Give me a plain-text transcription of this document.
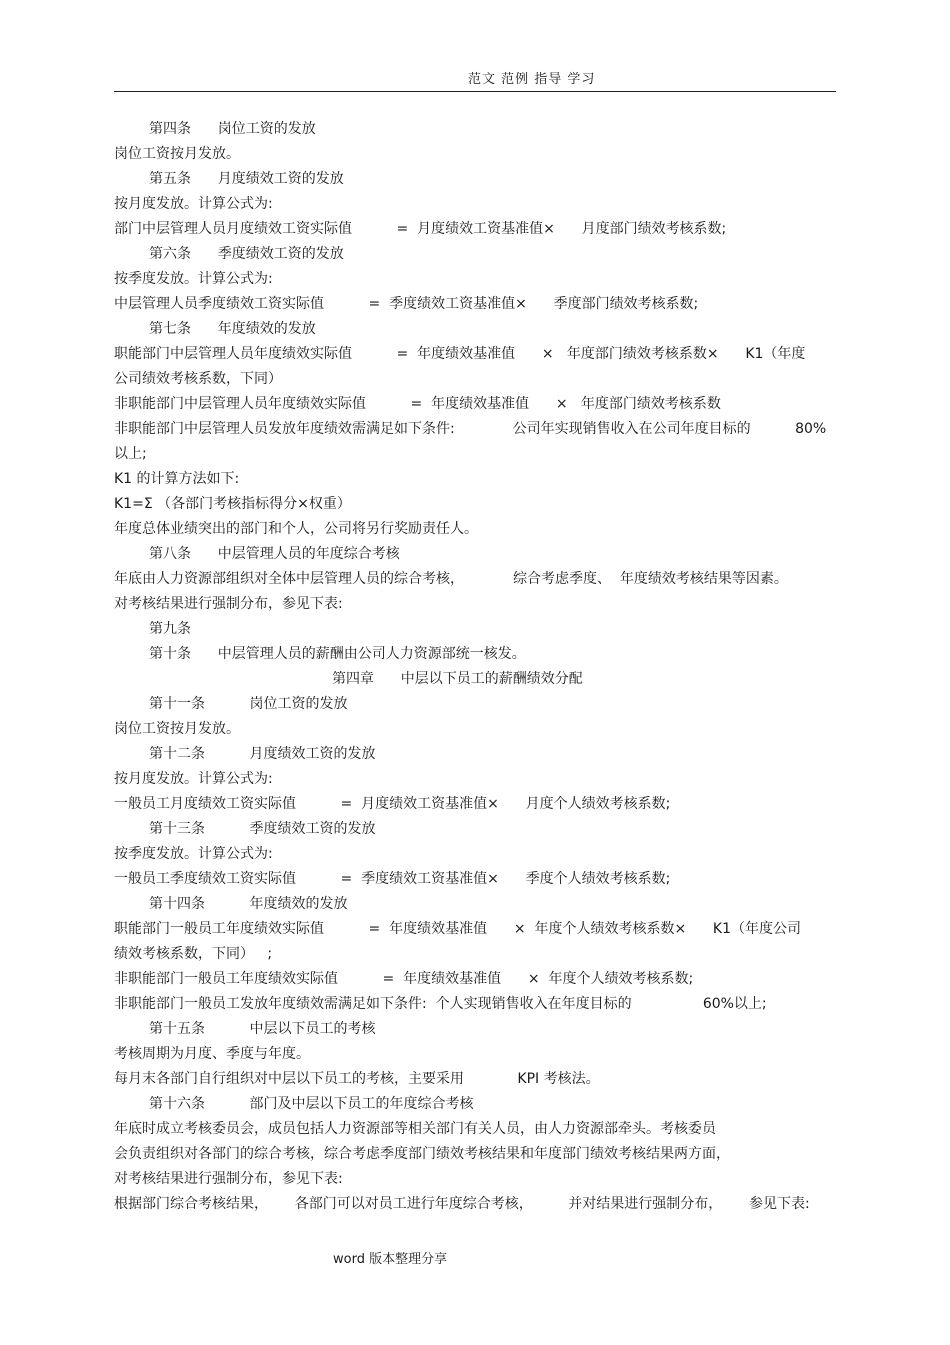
范文 范例 指导 学习
第四条      岗位工资的发放
岗位工资按月发放。
第五条      月度绩效工资的发放
按月度发放。计算公式为:
部门中层管理人员月度绩效工资实际值          =  月度绩效工资基准值×      月度部门绩效考核系数;
第六条      季度绩效工资的发放
按季度发放。计算公式为:
中层管理人员季度绩效工资实际值          =  季度绩效工资基准值×      季度部门绩效考核系数;
第七条      年度绩效的发放
职能部门中层管理人员年度绩效实际值          =  年度绩效基准值      ×   年度部门绩效考核系数×      K1（年度
公司绩效考核系数，下同）
非职能部门中层管理人员年度绩效实际值          =  年度绩效基准值      ×   年度部门绩效考核系数
非职能部门中层管理人员发放年度绩效需满足如下条件:             公司年实现销售收入在公司年度目标的          80%
以上;
K1 的计算方法如下:
K1=Σ （各部门考核指标得分×权重）
年度总体业绩突出的部门和个人，公司将另行奖励责任人。
第八条      中层管理人员的年度综合考核
年底由人力资源部组织对全体中层管理人员的综合考核，           综合考虑季度、  年度绩效考核结果等因素。
对考核结果进行强制分布，参见下表:
第九条
第十条      中层管理人员的薪酬由公司人力资源部统一核发。
第四章      中层以下员工的薪酬绩效分配
第十一条          岗位工资的发放
岗位工资按月发放。
第十二条          月度绩效工资的发放
按月度发放。计算公式为:
一般员工月度绩效工资实际值          =  月度绩效工资基准值×      月度个人绩效考核系数;
第十三条          季度绩效工资的发放
按季度发放。计算公式为:
一般员工季度绩效工资实际值          =  季度绩效工资基准值×      季度个人绩效考核系数;
第十四条          年度绩效的发放
职能部门一般员工年度绩效实际值          =  年度绩效基准值      ×  年度个人绩效考核系数×      K1（年度公司
绩效考核系数，下同）   ;
非职能部门一般员工年度绩效实际值          =  年度绩效基准值      ×  年度个人绩效考核系数;
非职能部门一般员工发放年度绩效需满足如下条件:  个人实现销售收入在年度目标的                60%以上;
第十五条          中层以下员工的考核
考核周期为月度、季度与年度。
每月末各部门自行组织对中层以下员工的考核，主要采用            KPI 考核法。
第十六条          部门及中层以下员工的年度综合考核
年底时成立考核委员会，成员包括人力资源部等相关部门有关人员，由人力资源部牵头。考核委员
会负责组织对各部门的综合考核，综合考虑季度部门绩效考核结果和年度部门绩效考核结果两方面，
对考核结果进行强制分布，参见下表:
根据部门综合考核结果，      各部门可以对员工进行年度综合考核，        并对结果进行强制分布，      参见下表:
word 版本整理分享
